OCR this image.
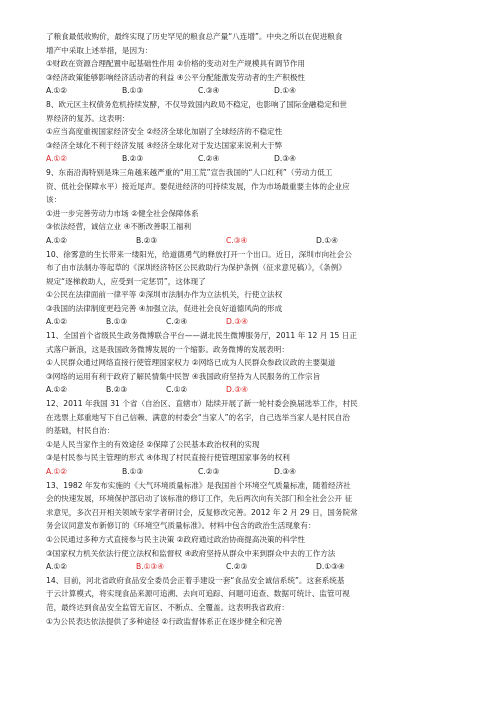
了粮食最低收购价，最终实现了历史罕见的粮食总产量“八连增”。中央之所以在促进粮食
增产中采取上述举措，是因为：
①财政在资源合理配置中起基础性作用 ②价格的变动对生产规模具有调节作用
③经济政策能够影响经济活动者的利益 ④公平分配能激发劳动者的生产积极性
A.①②	B.①③	C.③④	D.①④
8、欧元区主权债务危机持续发酵，不仅导致国内政局不稳定，也影响了国际金融稳定和世
界经济的复苏。这表明：
①应当高度重视国家经济安全 ②经济全球化加剧了全球经济的不稳定性
③经济全球化不利于经济发展 ④经济全球化对于发达国家来说利大于弊
A.①②	B.②③	C.②④	D.③④
9、东南沿海特别是珠三角越来越严重的“用工荒”宣告我国的“人口红利”（劳动力低工
资、低社会保障水平）接近尾声。要促进经济的可持续发展，作为市场最重要主体的企业应
该：
①进一步完善劳动力市场 ②健全社会保障体系
③依法经营，诚信立业 ④不断改善职工福利
A.①②	B.②③	C.③④	D.①④
10、徐雾意的生长带来一缕阳光，给道德勇气的释放打开一个出口。近日，深圳市向社会公
布了由市法制办等起草的《深圳经济特区公民救助行为保护条例（征求意见稿）》，《条例》
规定“逐梯救助人，应受到一定惩罚”，这体现了
①公民在法律面前一律平等 ②深圳市法制办作为立法机关，行使立法权
③我国的法律制度更趋完善 ④加强立法，促进社会良好道德风尚的形成
A.①②	B.①③	C.②④	D.③④
11、全国首个省级民生政务微博联合平台——湖北民生微博服务厅，2011 年 12 月 15 日正
式落户新浪，这是我国政务微博发展的一个缩影。政务微博的发展表明：
①人民群众通过网络直接行使管理国家权力 ②网络已成为人民群众参政议政的主要渠道
③网络的运用有利于政府了解民情集中民智 ④我国政府坚持为人民服务的工作宗旨
A.①②	B.②③	C.①②	D.③④
12、2011 年我国 31 个省（自治区、直辖市）陆续开展了新一轮村委会换届选举工作，村民
在选票上郑重地写下自己信赖、满意的村委会“当家人”的名字，自己选举当家人是村民自治
的基础，村民自治：
①是人民当家作主的有效途径 ②保障了公民基本政治权利的实现
③是村民参与民主管理的形式 ④体现了村民直接行使管理国家事务的权利
A.①②	B.①③	C.②③	D.③④
13、1982 年发布实施的《大气环境质量标准》是我国首个环境空气质量标准，随着经济社
会的快速发展，环境保护部启动了该标准的修订工作，先后两次向有关部门和全社会公开 征
求意见，多次召开相关领域专家学者研讨会，反复修改完善。2012 年 2 月 29 日，国务院常
务会议同意发布新修订的《环境空气质量标准》。材料中包含的政治生活现象有：
①公民通过多种方式直接参与民主决策 ②政府通过政治协商提高决策的科学性
③国家权力机关依法行使立法权和监督权 ④政府坚持从群众中来到群众中去的工作方法
A.①②	B.①③④	C.②③	D.①③④
14、目前，河北省政府食品安全委员会正着手建设一套“食品安全诚信系统”。这套系统基
于云计算模式，将实现食品来源可追溯、去向可追踪、问题可追查、数据可统计、监管可视
范，最终达到食品安全监管无盲区、不断点、全覆盖。这表明我省政府：
①为公民表达依法提供了多种途径 ②行政监督体系正在逐步健全和完善
